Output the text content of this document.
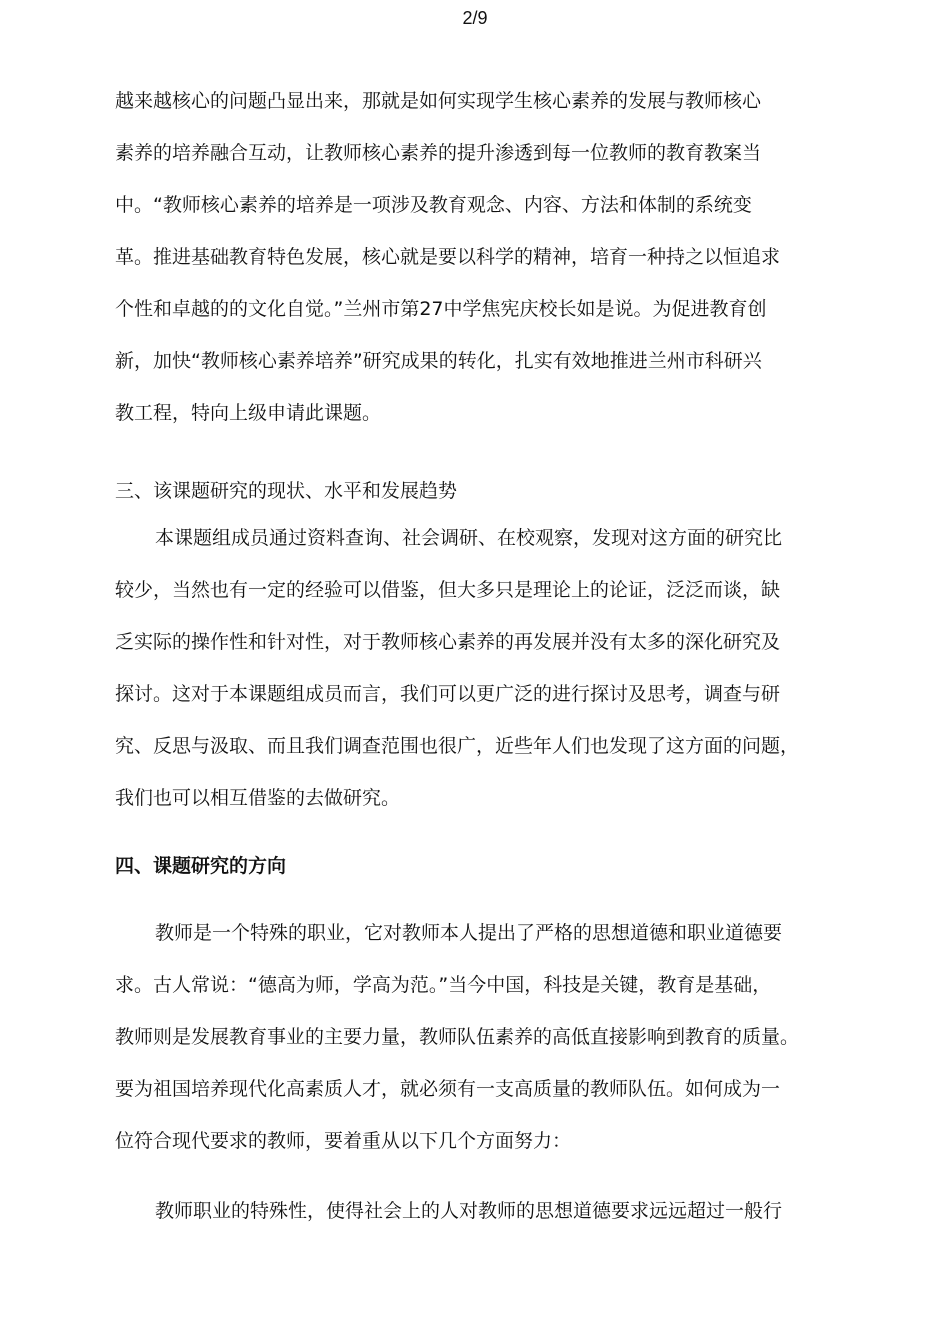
2/9
越来越核心的问题凸显出来，那就是如何实现学生核心素养的发展与教师核心
素养的培养融合互动，让教师核心素养的提升渗透到每一位教师的教育教案当
中。“教师核心素养的培养是一项涉及教育观念、内容、方法和体制的系统变
革。推进基础教育特色发展，核心就是要以科学的精神，培育一种持之以恒追求
个性和卓越的的文化自觉。”兰州市第27中学焦宪庆校长如是说。为促进教育创
新，加快“教师核心素养培养”研究成果的转化，扎实有效地推进兰州市科研兴
教工程，特向上级申请此课题。
三、该课题研究的现状、水平和发展趋势
本课题组成员通过资料查询、社会调研、在校观察，发现对这方面的研究比
较少，当然也有一定的经验可以借鉴，但大多只是理论上的论证，泛泛而谈，缺
乏实际的操作性和针对性，对于教师核心素养的再发展并没有太多的深化研究及
探讨。这对于本课题组成员而言，我们可以更广泛的进行探讨及思考，调查与研
究、反思与汲取、而且我们调查范围也很广，近些年人们也发现了这方面的问题，
我们也可以相互借鉴的去做研究。
四、课题研究的方向
教师是一个特殊的职业，它对教师本人提出了严格的思想道德和职业道德要
求。古人常说：“德高为师，学高为范。”当今中国，科技是关键，教育是基础，
教师则是发展教育事业的主要力量，教师队伍素养的高低直接影响到教育的质量。
要为祖国培养现代化高素质人才，就必须有一支高质量的教师队伍。如何成为一
位符合现代要求的教师，要着重从以下几个方面努力：
教师职业的特殊性，使得社会上的人对教师的思想道德要求远远超过一般行
